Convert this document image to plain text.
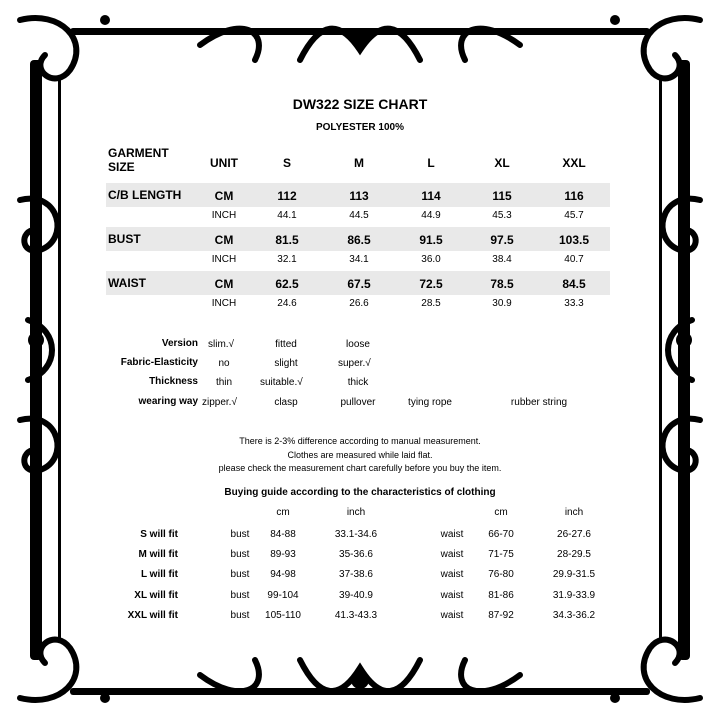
DW322 SIZE CHART
POLYESTER 100%
GARMENT
SIZE	UNIT	S	M	L	XL	XXL
C/B LENGTH	CM	112	113	114	115	116
INCH	44.1	44.5	44.9	45.3	45.7
BUST	CM	81.5	86.5	91.5	97.5	103.5
INCH	32.1	34.1	36.0	38.4	40.7
WAIST	CM	62.5	67.5	72.5	78.5	84.5
INCH	24.6	26.6	28.5	30.9	33.3
Version slim.√	fitted	loose
Fabric-Elasticity no	slight	super.√
Thickness thin	suitable.√	thick
wearing way zipper.√	clasp	pullover	tying rope	rubber string
There is 2-3% difference according to manual measurement.
Clothes are measured while laid flat.
please check the measurement chart carefully before you buy the item.
Buying guide according to the characteristics of clothing
cm	inch	cm	inch
S will fit	bust 84-88	33.1-34.6	waist 66-70	26-27.6
M will fit	bust 89-93	35-36.6	waist 71-75	28-29.5
L will fit	bust 94-98	37-38.6	waist 76-80	29.9-31.5
XL will fit	bust 99-104	39-40.9	waist 81-86	31.9-33.9
XXL will fit	bust 105-110	41.3-43.3	waist 87-92	34.3-36.2
